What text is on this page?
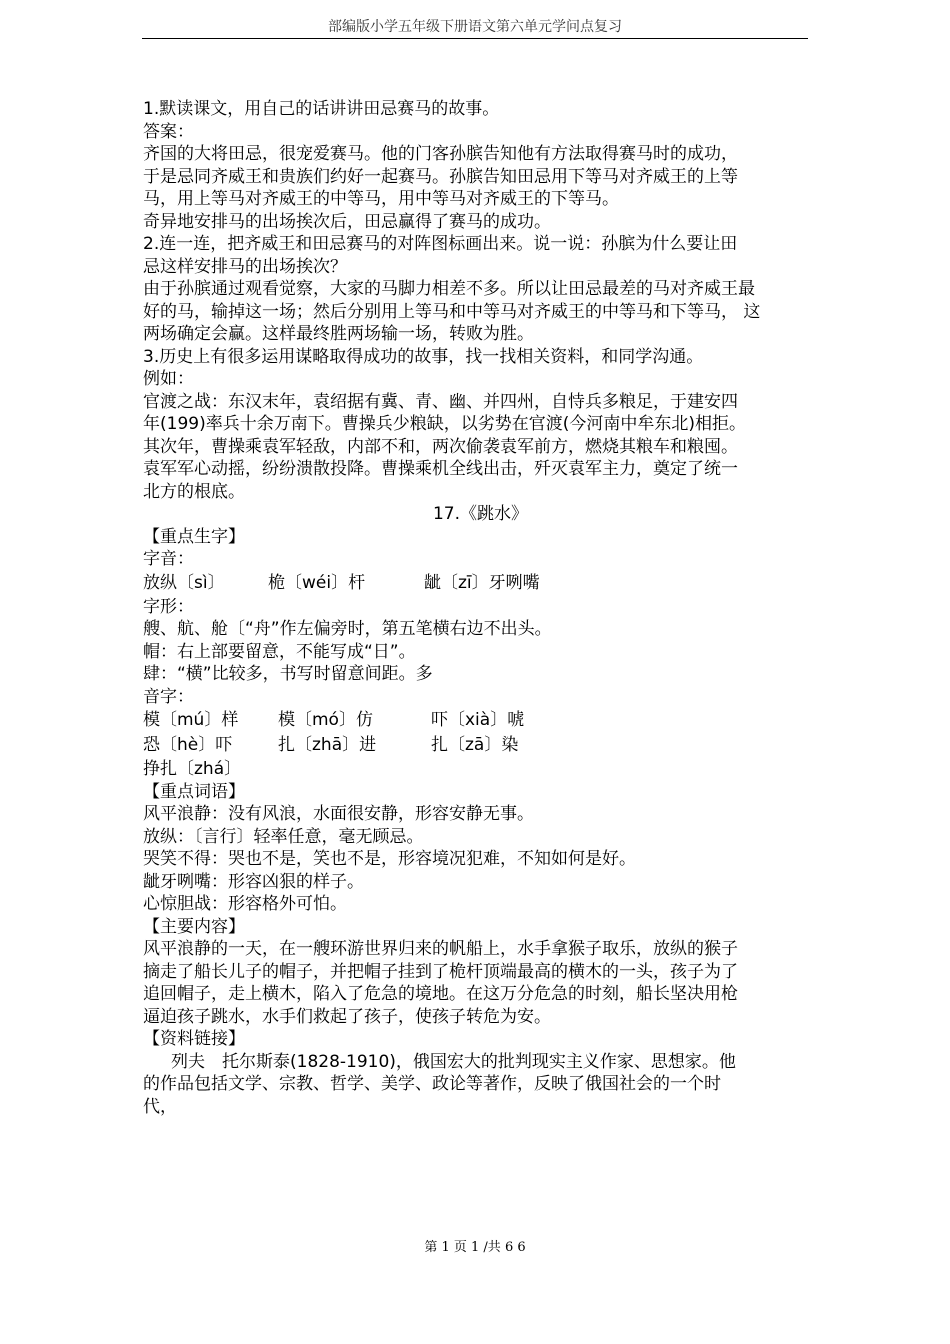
部编版小学五年级下册语文第六单元学问点复习

1.默读课文，用自己的话讲讲田忌赛马的故事。

答案：

齐国的大将田忌，很宠爱赛马。他的门客孙膑告知他有方法取得赛马时的成功，

于是忌同齐威王和贵族们约好一起赛马。孙膑告知田忌用下等马对齐威王的上等

马，用上等马对齐威王的中等马，用中等马对齐威王的下等马。

奇异地安排马的出场挨次后，田忌赢得了赛马的成功。

2.连一连，把齐威王和田忌赛马的对阵图标画出来。说一说：孙膑为什么要让田

忌这样安排马的出场挨次？

由于孙膑通过观看觉察，大家的马脚力相差不多。所以让田忌最差的马对齐威王最

好的马，输掉这一场；然后分别用上等马和中等马对齐威王的中等马和下等马， 这

两场确定会赢。这样最终胜两场输一场，转败为胜。

3.历史上有很多运用谋略取得成功的故事，找一找相关资料，和同学沟通。

例如：

官渡之战：东汉末年，袁绍据有冀、青、幽、并四州，自恃兵多粮足，于建安四

年(199)率兵十余万南下。曹操兵少粮缺，以劣势在官渡(今河南中牟东北)相拒。

其次年，曹操乘袁军轻敌，内部不和，两次偷袭袁军前方，燃烧其粮车和粮囤。

袁军军心动摇，纷纷溃散投降。曹操乘机全线出击，歼灭袁军主力，奠定了统一

北方的根底。

17.《跳水》

【重点生字】

字音：

放纵〔sì〕	桅〔wéi〕杆	龇〔zī〕牙咧嘴

字形：

艘、航、舱〔“舟”作左偏旁时，第五笔横右边不出头。

帽：右上部要留意，不能写成“日”。

肆：“横”比较多，书写时留意间距。多

音字：

模〔mú〕样	模〔mó〕仿	吓〔xià〕唬
恐〔hè〕吓	扎〔zhā〕进	扎〔zā〕染

挣扎〔zhá〕

【重点词语】

风平浪静：没有风浪，水面很安静，形容安静无事。

放纵：〔言行〕轻率任意，毫无顾忌。

哭笑不得：哭也不是，笑也不是，形容境况犯难，不知如何是好。

龇牙咧嘴：形容凶狠的样子。

心惊胆战：形容格外可怕。

【主要内容】

风平浪静的一天，在一艘环游世界归来的帆船上，水手拿猴子取乐，放纵的猴子

摘走了船长儿子的帽子，并把帽子挂到了桅杆顶端最高的横木的一头，孩子为了

追回帽子，走上横木，陷入了危急的境地。在这万分危急的时刻，船长坚决用枪

逼迫孩子跳水，水手们救起了孩子，使孩子转危为安。

【资料链接】

列夫　托尔斯泰(1828-1910)，俄国宏大的批判现实主义作家、思想家。他

的作品包括文学、宗教、哲学、美学、政论等著作，反映了俄国社会的一个时

代，

第 1 页 1 /共 6 6
